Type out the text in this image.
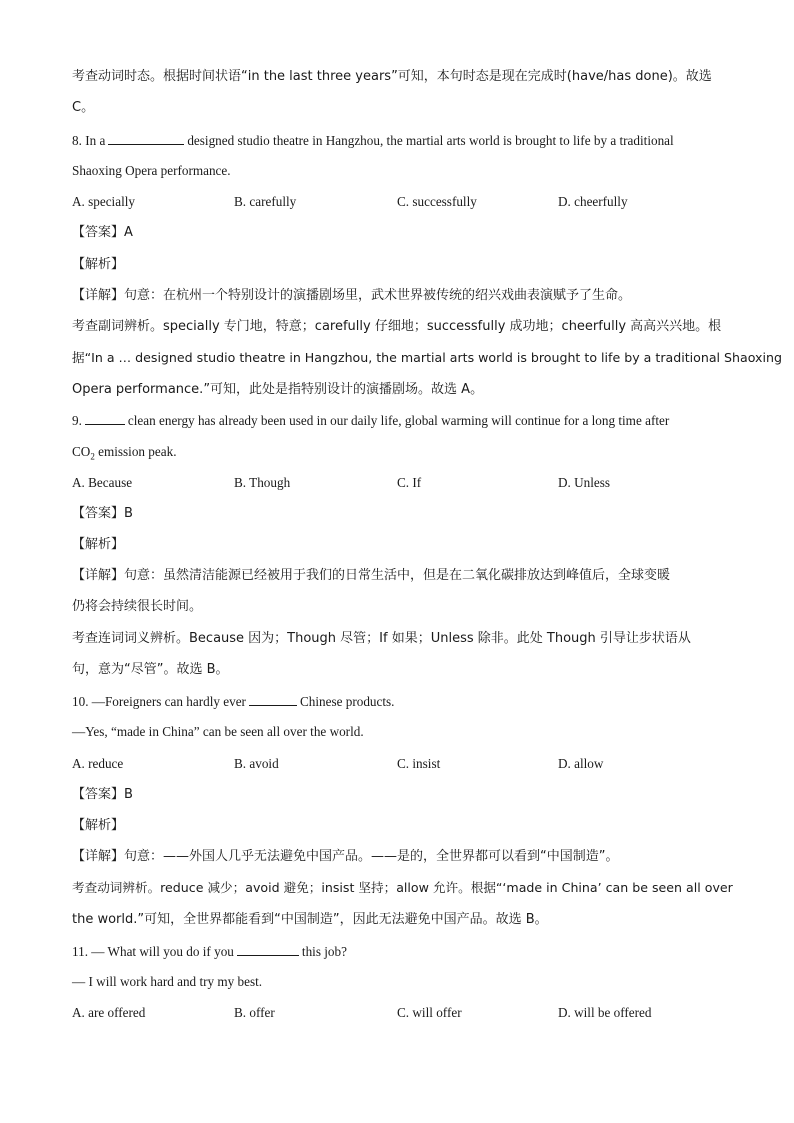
考查动词时态。根据时间状语“in the last three years”可知，本句时态是现在完成时(have/has done)。故选
C。
8. In a	designed studio theatre in Hangzhou, the martial arts world is brought to life by a traditional
Shaoxing Opera performance.
A. specially	B. carefully	C. successfully	D. cheerfully
【答案】A
【解析】
【详解】句意：在杭州一个特别设计的演播剧场里，武术世界被传统的绍兴戏曲表演赋予了生命。
考查副词辨析。specially 专门地，特意；carefully 仔细地；successfully 成功地；cheerfully 高高兴兴地。根
据“In a … designed studio theatre in Hangzhou, the martial arts world is brought to life by a traditional Shaoxing
Opera performance.”可知，此处是指特别设计的演播剧场。故选 A。
9.	clean energy has already been used in our daily life, global warming will continue for a long time after
$CO_2$ emission peak.
A. Because	B. Though	C. If	D. Unless
【答案】B
【解析】
【详解】句意：虽然清洁能源已经被用于我们的日常生活中，但是在二氧化碳排放达到峰值后，全球变暖
仍将会持续很长时间。
考查连词词义辨析。Because 因为；Though 尽管；If 如果；Unless 除非。此处 Though 引导让步状语从
句，意为“尽管”。故选 B。
10. —Foreigners can hardly ever	Chinese products.
—Yes, “made in China” can be seen all over the world.
A. reduce	B. avoid	C. insist	D. allow
【答案】B
【解析】
【详解】句意：——外国人几乎无法避免中国产品。——是的，全世界都可以看到“中国制造”。
考查动词辨析。reduce 减少；avoid 避免；insist 坚持；allow 允许。根据“‘made in China’ can be seen all over
the world.”可知，全世界都能看到“中国制造”，因此无法避免中国产品。故选 B。
11. — What will you do if you	this job?
— I will work hard and try my best.
A. are offered	B. offer	C. will offer	D. will be offered
